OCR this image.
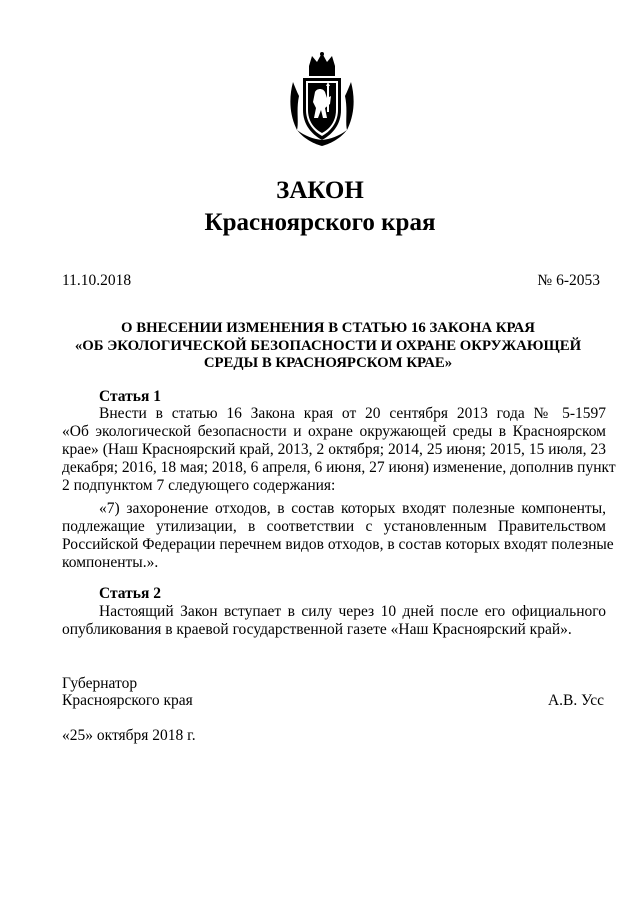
ЗАКОН
Красноярского края
11.10.2018	№ 6-2053
О ВНЕСЕНИИ ИЗМЕНЕНИЯ В СТАТЬЮ 16 ЗАКОНА КРАЯ
«ОБ ЭКОЛОГИЧЕСКОЙ БЕЗОПАСНОСТИ И ОХРАНЕ ОКРУЖАЮЩЕЙ
СРЕДЫ В КРАСНОЯРСКОМ КРАЕ»
Статья 1
Внести в статью 16 Закона края от 20 сентября 2013 года № 5-1597
«Об экологической безопасности и охране окружающей среды в Красноярском
крае» (Наш Красноярский край, 2013, 2 октября; 2014, 25 июня; 2015, 15 июля, 23
декабря; 2016, 18 мая; 2018, 6 апреля, 6 июня, 27 июня) изменение, дополнив пункт
2 подпунктом 7 следующего содержания:
«7) захоронение отходов, в состав которых входят полезные компоненты,
подлежащие утилизации, в соответствии с установленным Правительством
Российской Федерации перечнем видов отходов, в состав которых входят полезные
компоненты.».
Статья 2
Настоящий Закон вступает в силу через 10 дней после его официального
опубликования в краевой государственной газете «Наш Красноярский край».
Губернатор
Красноярского края	А.В. Усс
«25» октября 2018 г.
